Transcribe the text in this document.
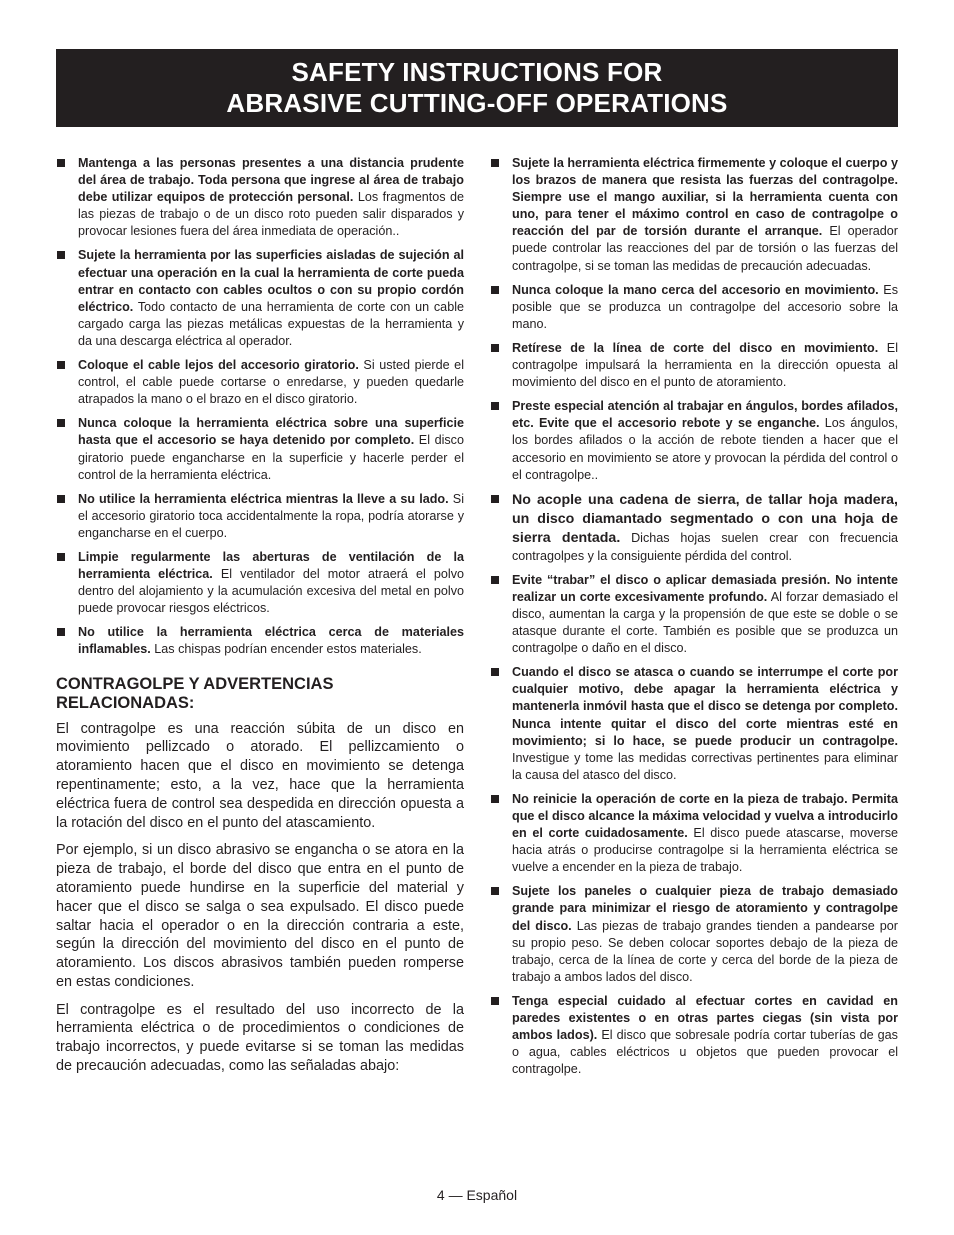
SAFETY INSTRUCTIONS FOR
ABRASIVE CUTTING-OFF OPERATIONS
Mantenga a las personas presentes a una distancia prudente del área de trabajo. Toda persona que ingrese al área de trabajo debe utilizar equipos de protección personal. Los fragmentos de las piezas de trabajo o de un disco roto pueden salir disparados y provocar lesiones fuera del área inmediata de operación..
Sujete la herramienta por las superficies aisladas de sujeción al efectuar una operación en la cual la herramienta de corte pueda entrar en contacto con cables ocultos o con su propio cordón eléctrico. Todo contacto de una herramienta de corte con un cable cargado carga las piezas metálicas expuestas de la herramienta y da una descarga eléctrica al operador.
Coloque el cable lejos del accesorio giratorio. Si usted pierde el control, el cable puede cortarse o enredarse, y pueden quedarle atrapados la mano o el brazo en el disco giratorio.
Nunca coloque la herramienta eléctrica sobre una superficie hasta que el accesorio se haya detenido por completo. El disco giratorio puede engancharse en la superficie y hacerle perder el control de la herramienta eléctrica.
No utilice la herramienta eléctrica mientras la lleve a su lado. Si el accesorio giratorio toca accidentalmente la ropa, podría atorarse y engancharse en el cuerpo.
Limpie regularmente las aberturas de ventilación de la herramienta eléctrica. El ventilador del motor atraerá el polvo dentro del alojamiento y la acumulación excesiva del metal en polvo puede provocar riesgos eléctricos.
No utilice la herramienta eléctrica cerca de materiales inflamables. Las chispas podrían encender estos materiales.
CONTRAGOLPE Y ADVERTENCIAS
RELACIONADAS:

El contragolpe es una reacción súbita de un disco en movimiento pellizcado o atorado. El pellizcamiento o atoramiento hacen que el disco en movimiento se detenga repentinamente; esto, a la vez, hace que la herramienta eléctrica fuera de control sea despedida en dirección opuesta a la rotación del disco en el punto del atascamiento.

Por ejemplo, si un disco abrasivo se engancha o se atora en la pieza de trabajo, el borde del disco que entra en el punto de atoramiento puede hundirse en la superficie del material y hacer que el disco se salga o sea expulsado. El disco puede saltar hacia el operador o en la dirección contraria a este, según la dirección del movimiento del disco en el punto de atoramiento. Los discos abrasivos también pueden romperse en estas condiciones.

El contragolpe es el resultado del uso incorrecto de la herramienta eléctrica o de procedimientos o condiciones de trabajo incorrectos, y puede evitarse si se toman las medidas de precaución adecuadas, como las señaladas abajo:

Sujete la herramienta eléctrica firmemente y coloque el cuerpo y los brazos de manera que resista las fuerzas del contragolpe. Siempre use el mango auxiliar, si la herramienta cuenta con uno, para tener el máximo control en caso de contragolpe o reacción del par de torsión durante el arranque. El operador puede controlar las reacciones del par de torsión o las fuerzas del contragolpe, si se toman las medidas de precaución adecuadas.
Nunca coloque la mano cerca del accesorio en movimiento. Es posible que se produzca un contragolpe del accesorio sobre la mano.
Retírese de la línea de corte del disco en movimiento. El contragolpe impulsará la herramienta en la dirección opuesta al movimiento del disco en el punto de atoramiento.
Preste especial atención al trabajar en ángulos, bordes afilados, etc. Evite que el accesorio rebote y se enganche. Los ángulos, los bordes afilados o la acción de rebote tienden a hacer que el accesorio en movimiento se atore y provocan la pérdida del control o el contragolpe..
No acople una cadena de sierra, de tallar hoja madera, un disco diamantado segmentado o con una hoja de sierra dentada. Dichas hojas suelen crear con frecuencia contragolpes y la consiguiente pérdida del control.
Evite “trabar” el disco o aplicar demasiada presión. No intente realizar un corte excesivamente profundo. Al forzar demasiado el disco, aumentan la carga y la propensión de que este se doble o se atasque durante el corte. También es posible que se produzca un contragolpe o daño en el disco.
Cuando el disco se atasca o cuando se interrumpe el corte por cualquier motivo, debe apagar la herramienta eléctrica y mantenerla inmóvil hasta que el disco se detenga por completo. Nunca intente quitar el disco del corte mientras esté en movimiento; si lo hace, se puede producir un contragolpe. Investigue y tome las medidas correctivas pertinentes para eliminar la causa del atasco del disco.
No reinicie la operación de corte en la pieza de trabajo. Permita que el disco alcance la máxima velocidad y vuelva a introducirlo en el corte cuidadosamente. El disco puede atascarse, moverse hacia atrás o producirse contragolpe si la herramienta eléctrica se vuelve a encender en la pieza de trabajo.
Sujete los paneles o cualquier pieza de trabajo demasiado grande para minimizar el riesgo de atoramiento y contragolpe del disco. Las piezas de trabajo grandes tienden a pandearse por su propio peso. Se deben colocar soportes debajo de la pieza de trabajo, cerca de la línea de corte y cerca del borde de la pieza de trabajo a ambos lados del disco.
Tenga especial cuidado al efectuar cortes en cavidad en paredes existentes o en otras partes ciegas (sin vista por ambos lados). El disco que sobresale podría cortar tuberías de gas o agua, cables eléctricos u objetos que pueden provocar el contragolpe.
4 — Español
